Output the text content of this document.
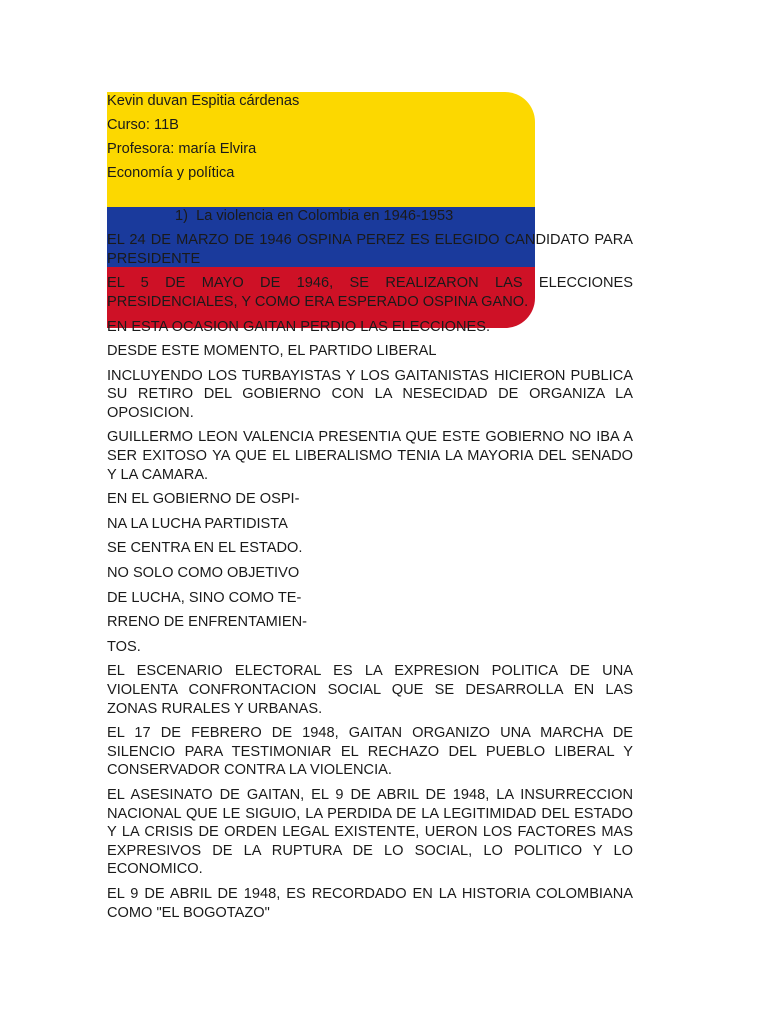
Kevin duvan Espitia cárdenas

Curso: 11B

Profesora: maría Elvira

Economía y política

1) La violencia en Colombia en 1946-1953

EL 24 DE MARZO DE 1946 OSPINA PEREZ ES ELEGIDO CANDIDATO PARA PRESIDENTE

EL 5 DE MAYO DE 1946, SE REALIZARON LAS ELECCIONES PRESIDENCIALES, Y COMO ERA ESPERADO OSPINA GANO.

EN ESTA OCASION GAITAN PERDIO LAS ELECCIONES.

DESDE ESTE MOMENTO, EL PARTIDO LIBERAL

INCLUYENDO LOS TURBAYISTAS Y LOS GAITANISTAS HICIERON PUBLICA SU RETIRO DEL GOBIERNO CON LA NESECIDAD DE ORGANIZA LA OPOSICION.

GUILLERMO LEON VALENCIA PRESENTIA QUE ESTE GOBIERNO NO IBA A SER EXITOSO YA QUE EL LIBERALISMO TENIA LA MAYORIA DEL SENADO Y LA CAMARA.

EN EL GOBIERNO DE OSPI-

NA LA LUCHA PARTIDISTA

SE CENTRA EN EL ESTADO.

NO SOLO COMO OBJETIVO

DE LUCHA, SINO COMO TE-

RRENO DE ENFRENTAMIEN-

TOS.

EL ESCENARIO ELECTORAL ES LA EXPRESION POLITICA DE UNA VIOLENTA CONFRONTACION SOCIAL QUE SE DESARROLLA EN LAS ZONAS RURALES Y URBANAS.

EL 17 DE FEBRERO DE 1948, GAITAN ORGANIZO UNA MARCHA DE SILENCIO PARA TESTIMONIAR EL RECHAZO DEL PUEBLO LIBERAL Y CONSERVADOR CONTRA LA VIOLENCIA.

EL ASESINATO DE GAITAN, EL 9 DE ABRIL DE 1948, LA INSURRECCION NACIONAL QUE LE SIGUIO, LA PERDIDA DE LA LEGITIMIDAD DEL ESTADO Y LA CRISIS DE ORDEN LEGAL EXISTENTE, UERON LOS FACTORES MAS EXPRESIVOS DE LA RUPTURA DE LO SOCIAL, LO POLITICO Y LO ECONOMICO.

EL 9 DE ABRIL DE 1948, ES RECORDADO EN LA HISTORIA COLOMBIANA COMO "EL BOGOTAZO"
